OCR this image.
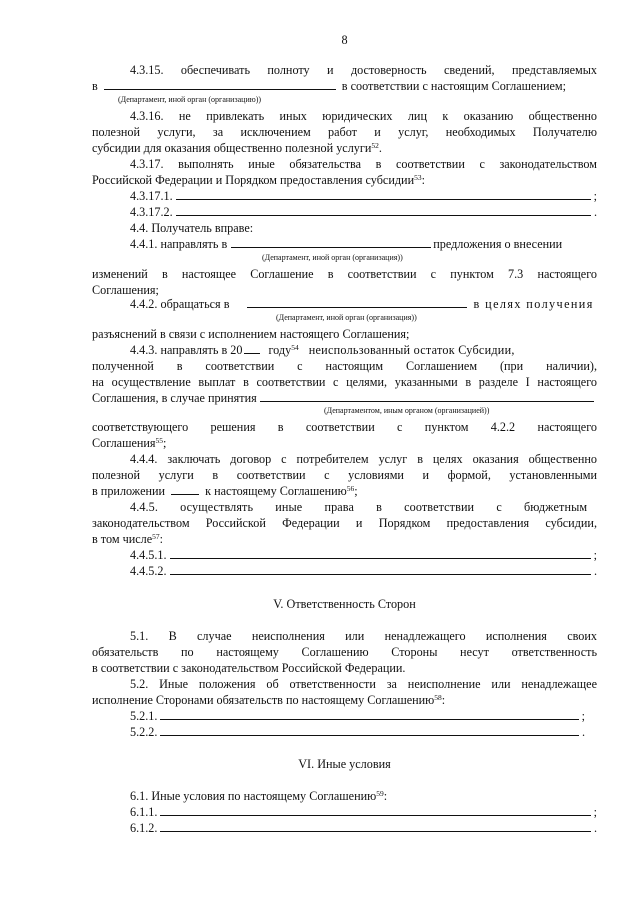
8
4.3.15. обеспечивать полноту и достоверность сведений, представляемых
в	в соответствии с настоящим Соглашением;
(Департамент, иной орган (организацию))
4.3.16. не привлекать иных юридических лиц к оказанию общественно
полезной услуги, за исключением работ и услуг, необходимых Получателю
субсидии для оказания общественно полезной услуги$^{52}$.
4.3.17. выполнять иные обязательства в соответствии с законодательством
Российской Федерации и Порядком предоставления субсидии$^{53}$:
4.3.17.1.	;
4.3.17.2.	.
4.4. Получатель вправе:
4.4.1. направлять в	предложения о внесении
(Департамент, иной орган (организация))
изменений в настоящее Соглашение в соответствии с пунктом 7.3 настоящего
Соглашения;
4.4.2. обращаться в	в целях получения
(Департамент, иной орган (организация))
разъяснений в связи с исполнением настоящего Соглашения;
4.4.3. направлять в 20 году$^{54}$ неиспользованный остаток Субсидии,
полученной в соответствии с настоящим Соглашением (при наличии),
на осуществление выплат в соответствии с целями, указанными в разделе I настоящего
Соглашения, в случае принятия
(Департаментом, иным органом (организацией))
соответствующего решения в соответствии с пунктом 4.2.2 настоящего
Соглашения$^{55}$;
4.4.4. заключать договор с потребителем услуг в целях оказания общественно
полезной услуги в соответствии с условиями и формой, установленными
в приложении	к настоящему Соглашению$^{56}$;
4.4.5. осуществлять иные права в соответствии с бюджетным
законодательством Российской Федерации и Порядком предоставления субсидии,
в том числе$^{57}$:
4.4.5.1.	;
4.4.5.2.	.
V. Ответственность Сторон
5.1. В случае неисполнения или ненадлежащего исполнения своих
обязательств по настоящему Соглашению Стороны несут ответственность
в соответствии с законодательством Российской Федерации.
5.2. Иные положения об ответственности за неисполнение или ненадлежащее
исполнение Сторонами обязательств по настоящему Соглашению$^{58}$:
5.2.1.	;
5.2.2.	.
VI. Иные условия
6.1. Иные условия по настоящему Соглашению$^{59}$:
6.1.1.	;
6.1.2.	.
